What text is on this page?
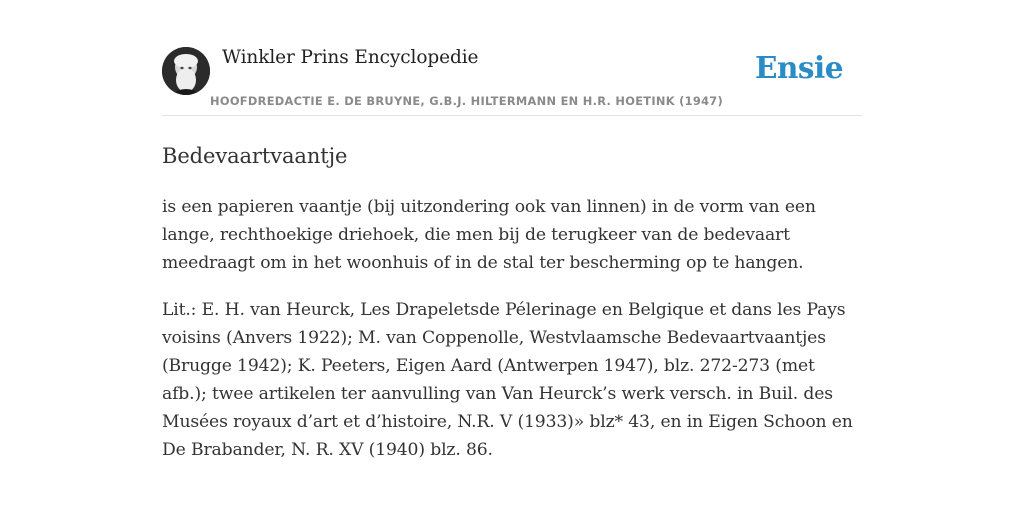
Winkler Prins Encyclopedie
HOOFDREDACTIE E. DE BRUYNE, G.B.J. HILTERMANN EN H.R. HOETINK (1947)
Ensie
Bedevaartvaantje

is een papieren vaantje (bij uitzondering ook van linnen) in de vorm van een lange, rechthoekige driehoek, die men bij de terugkeer van de bedevaart meedraagt om in het woonhuis of in de stal ter bescherming op te hangen.

Lit.: E. H. van Heurck, Les Drapeletsde Pélerinage en Belgique et dans les Pays voisins (Anvers 1922); M. van Coppenolle, Westvlaamsche Bedevaartvaantjes (Brugge 1942); K. Peeters, Eigen Aard (Antwerpen 1947), blz. 272-273 (met afb.); twee artikelen ter aanvulling van Van Heurck’s werk versch. in Buil. des Musées royaux d’art et d’histoire, N.R. V (1933)» blz* 43, en in Eigen Schoon en De Brabander, N. R. XV (1940) blz. 86.
